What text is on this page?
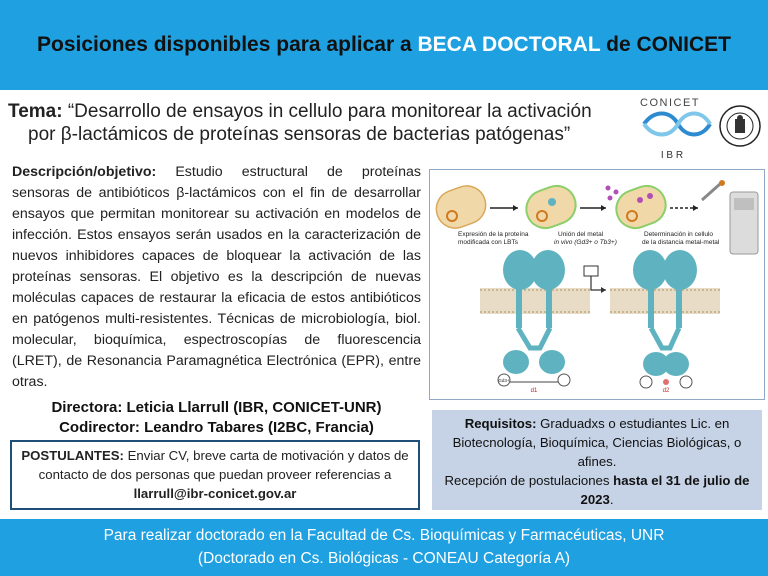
Posiciones disponibles para aplicar a BECA DOCTORAL de CONICET
Tema: “Desarrollo de ensayos in cellulo para monitorear la activación
por β-lactámicos de proteínas sensoras de bacterias patógenas”
CONICET
I B R
Descripción/objetivo: Estudio estructural de proteínas sensoras de antibióticos β-lactámicos con el fin de desarrollar ensayos que permitan monitorear su activación en modelos de infección. Estos ensayos serán usados en la caracterización de nuevos inhibidores capaces de bloquear la activación de las proteínas sensoras. El objetivo es la descripción de nuevas moléculas capaces de restaurar la eficacia de estos antibióticos en patógenos multi-resistentes. Técnicas de microbiología, biol. molecular, bioquímica, espectroscopías de fluorescencia (LRET), de Resonancia Paramagnética Electrónica (EPR), entre otras.
Expresión de la proteína
modificada con LBTs
Unión del metal
in vivo (Gd3+ o Tb3+)
Determinación in cellulo
de la distancia metal-metal
d1
Gd3+
d2
Directora: Leticia Llarrull (IBR, CONICET-UNR)
Codirector: Leandro Tabares (I2BC, Francia)
POSTULANTES: Enviar CV, breve carta de motivación y datos de contacto de dos personas que puedan proveer referencias a llarrull@ibr-conicet.gov.ar
Requisitos: Graduadxs o estudiantes Lic. en Biotecnología, Bioquímica, Ciencias Biológicas, o afines.
Recepción de postulaciones hasta el 31 de julio de 2023.
Para realizar doctorado en la Facultad de Cs. Bioquímicas y Farmacéuticas, UNR
(Doctorado en Cs. Biológicas - CONEAU Categoría A)
